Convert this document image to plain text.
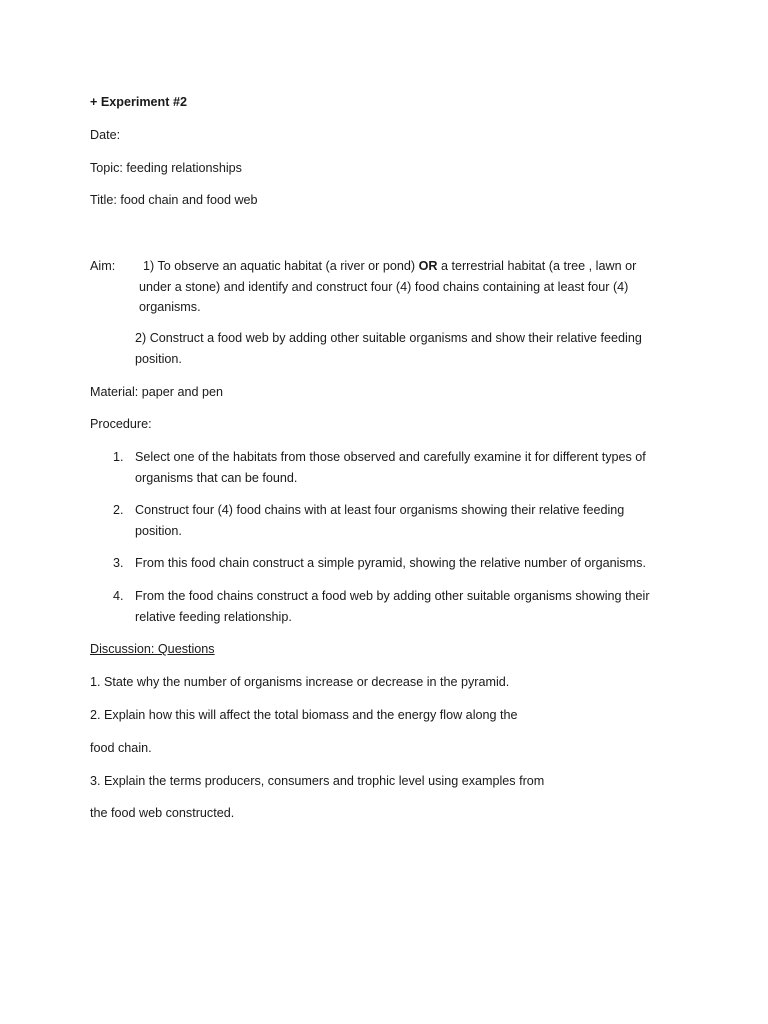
+ Experiment #2
Date:
Topic: feeding relationships
Title: food chain and food web
Aim: 1) To observe an aquatic habitat (a river or pond) OR a terrestrial habitat (a tree , lawn or
under a stone) and identify and construct four (4) food chains containing at least four (4)
organisms.
2) Construct a food web by adding other suitable organisms and show their relative feeding
position.
Material: paper and pen
Procedure:
1. Select one of the habitats from those observed and carefully examine it for different types of
organisms that can be found.
2. Construct four (4) food chains with at least four organisms showing their relative feeding
position.
3. From this food chain construct a simple pyramid, showing the relative number of organisms.
4. From the food chains construct a food web by adding other suitable organisms showing their
relative feeding relationship.
Discussion: Questions
1. State why the number of organisms increase or decrease in the pyramid.
2. Explain how this will affect the total biomass and the energy flow along the
food chain.
3. Explain the terms producers, consumers and trophic level using examples from
the food web constructed.
